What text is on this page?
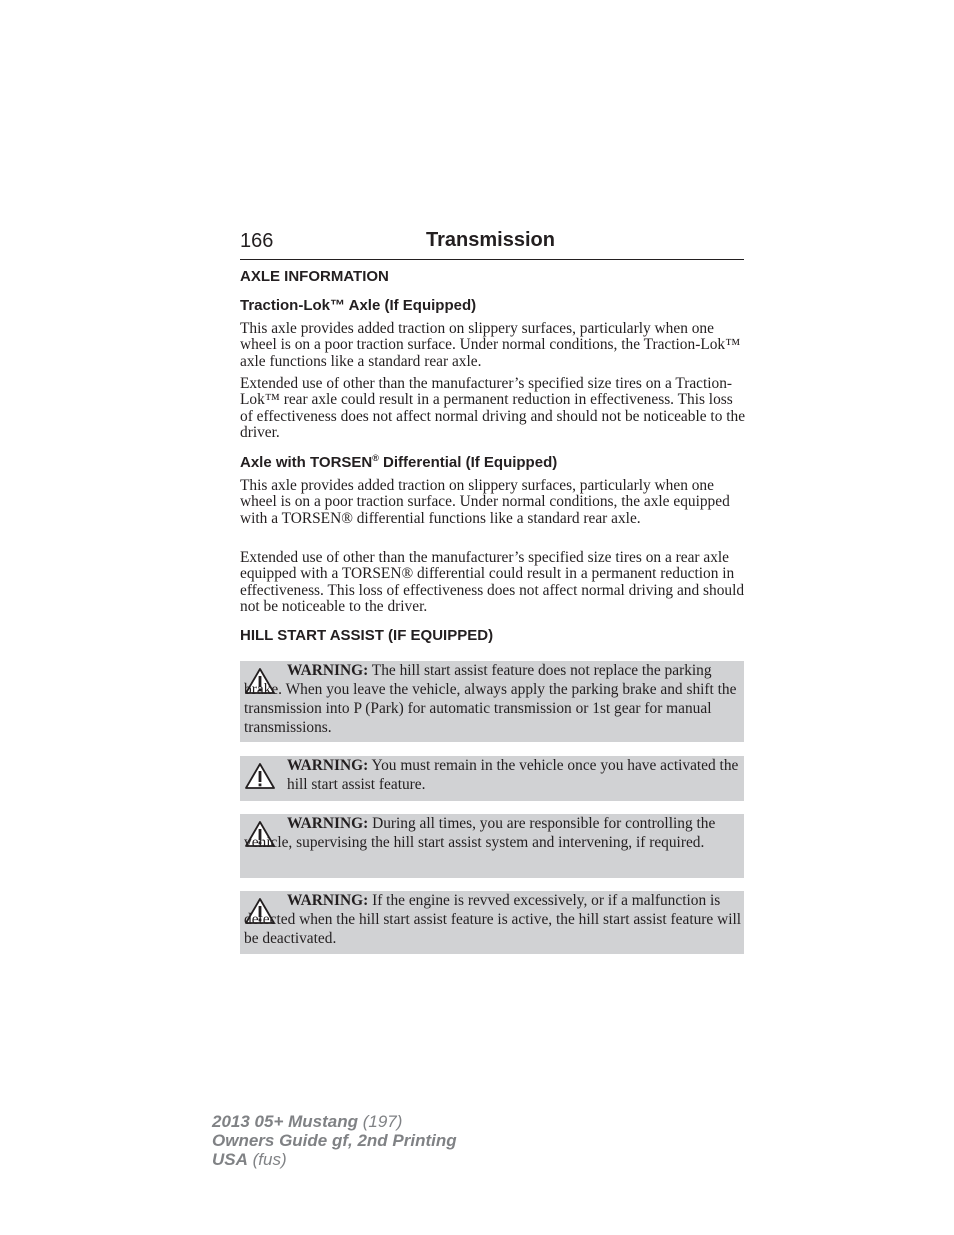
166	Transmission
AXLE INFORMATION
Traction-Lok™ Axle (If Equipped)
This axle provides added traction on slippery surfaces, particularly when one wheel is on a poor traction surface. Under normal conditions, the Traction-Lok™ axle functions like a standard rear axle.
Extended use of other than the manufacturer’s specified size tires on a Traction-Lok™ rear axle could result in a permanent reduction in effectiveness. This loss of effectiveness does not affect normal driving and should not be noticeable to the driver.
Axle with TORSEN® Differential (If Equipped)
This axle provides added traction on slippery surfaces, particularly when one wheel is on a poor traction surface. Under normal conditions, the axle equipped with a TORSEN® differential functions like a standard rear axle.
Extended use of other than the manufacturer’s specified size tires on a rear axle equipped with a TORSEN® differential could result in a permanent reduction in effectiveness. This loss of effectiveness does not affect normal driving and should not be noticeable to the driver.
HILL START ASSIST (IF EQUIPPED)
WARNING: The hill start assist feature does not replace the parking brake. When you leave the vehicle, always apply the parking brake and shift the transmission into P (Park) for automatic transmission or 1st gear for manual transmissions.
WARNING: You must remain in the vehicle once you have activated the hill start assist feature.
WARNING: During all times, you are responsible for controlling the vehicle, supervising the hill start assist system and intervening, if required.
WARNING: If the engine is revved excessively, or if a malfunction is detected when the hill start assist feature is active, the hill start assist feature will be deactivated.
2013 05+ Mustang (197)
Owners Guide gf, 2nd Printing
USA (fus)
